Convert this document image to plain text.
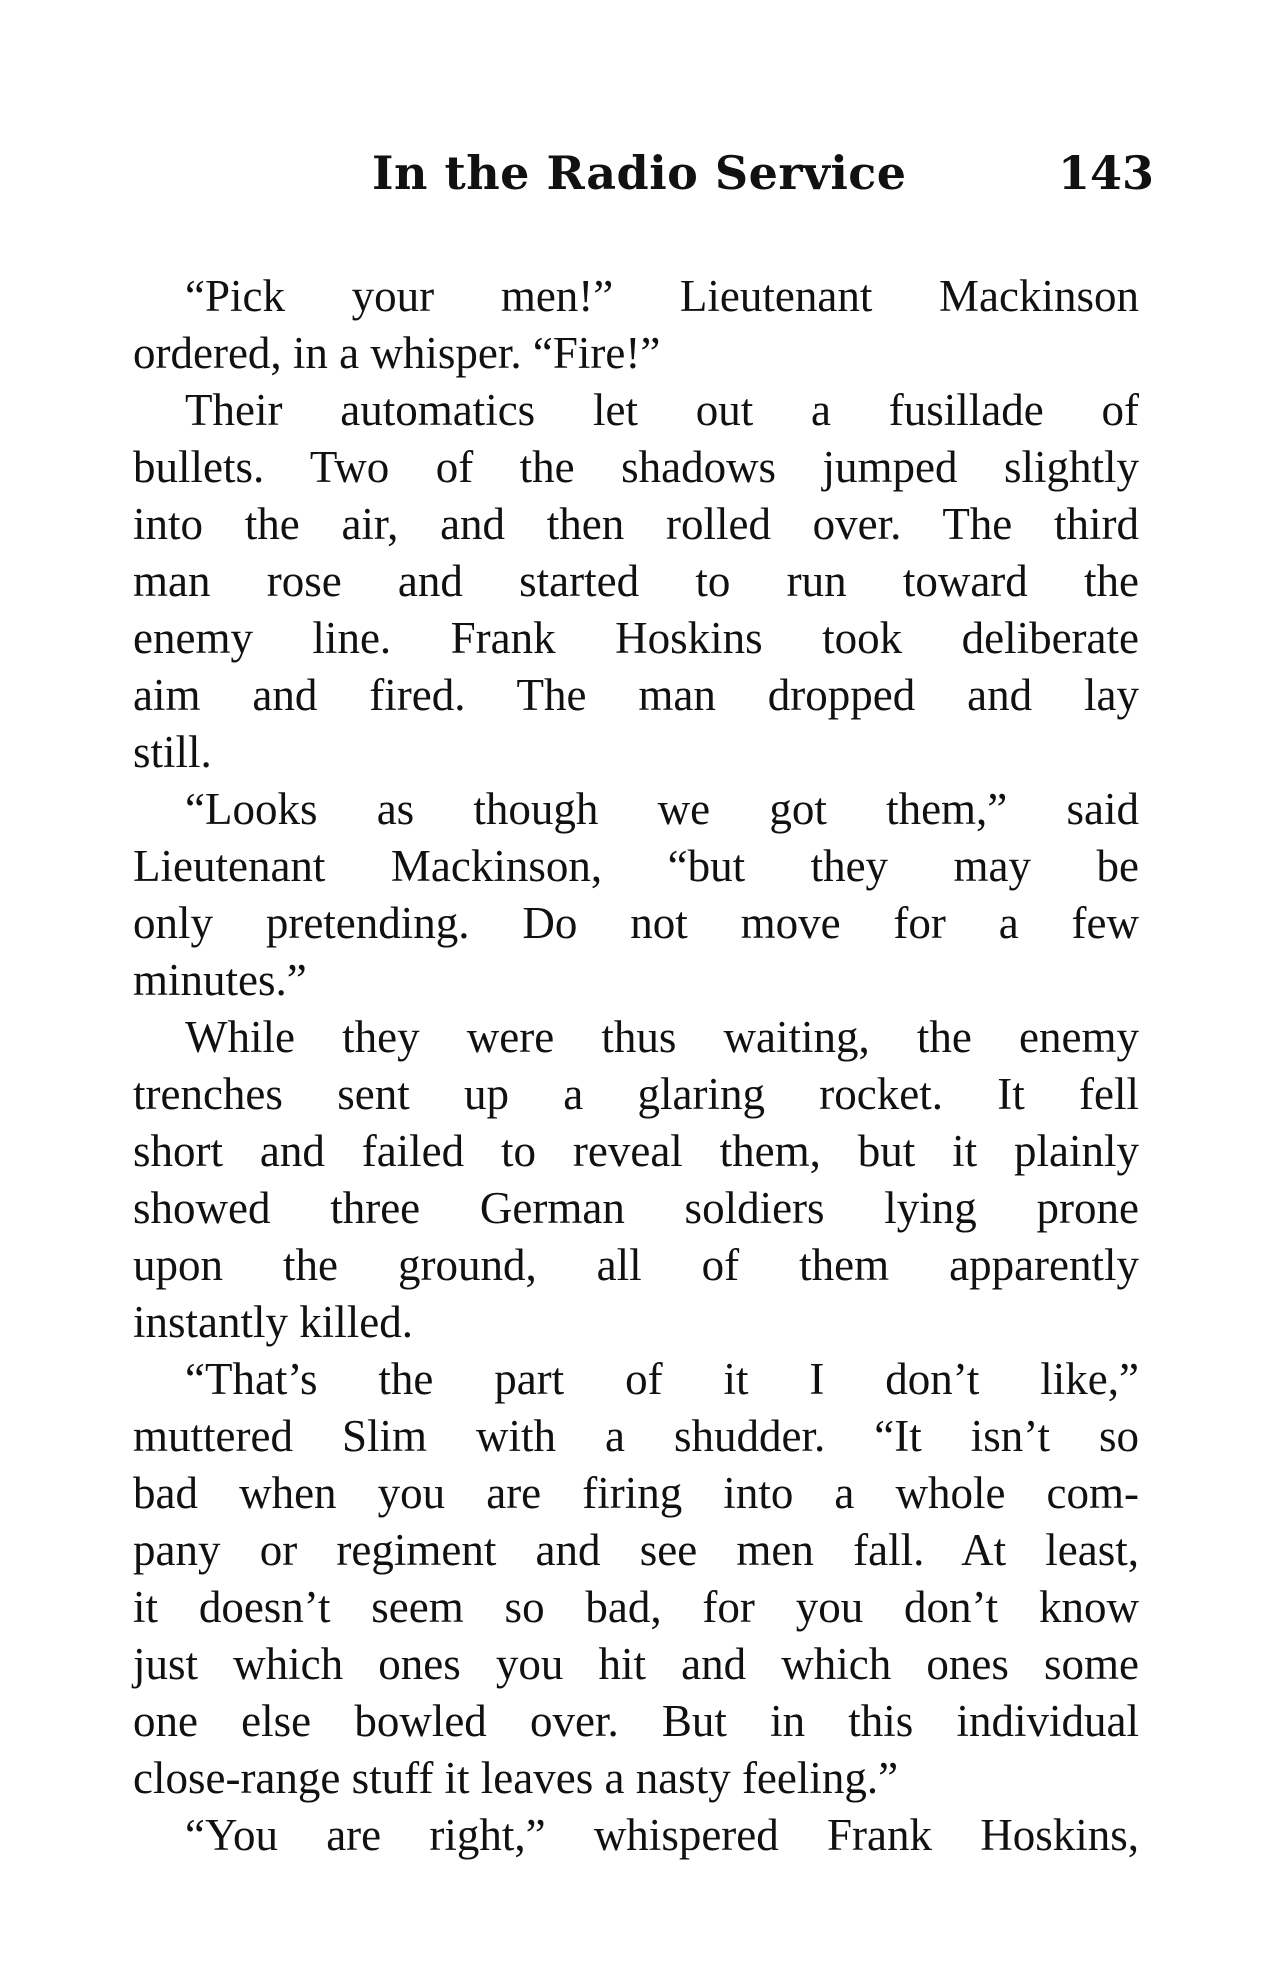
In the Radio Service	143
“Pick your men!” Lieutenant Mackinson
ordered, in a whisper. “Fire!”
Their automatics let out a fusillade of
bullets. Two of the shadows jumped slightly
into the air, and then rolled over. The third
man rose and started to run toward the
enemy line. Frank Hoskins took deliberate
aim and fired. The man dropped and lay
still.
“Looks as though we got them,” said
Lieutenant Mackinson, “but they may be
only pretending. Do not move for a few
minutes.”
While they were thus waiting, the enemy
trenches sent up a glaring rocket. It fell
short and failed to reveal them, but it plainly
showed three German soldiers lying prone
upon the ground, all of them apparently
instantly killed.
“That’s the part of it I don’t like,”
muttered Slim with a shudder. “It isn’t so
bad when you are firing into a whole com-
pany or regiment and see men fall. At least,
it doesn’t seem so bad, for you don’t know
just which ones you hit and which ones some
one else bowled over. But in this individual
close-range stuff it leaves a nasty feeling.”
“You are right,” whispered Frank Hoskins,
